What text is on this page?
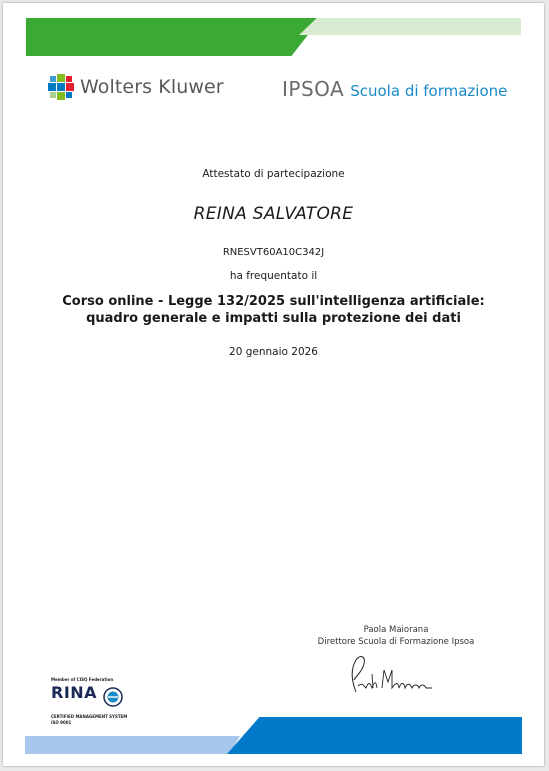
Wolters Kluwer	IPSOA Scuola di formazione
Attestato di partecipazione
REINA SALVATORE
RNESVT60A10C342J
ha frequentato il
Corso online - Legge 132/2025 sull'intelligenza artificiale: quadro generale e impatti sulla protezione dei dati
20 gennaio 2026
Paola Maiorana
Direttore Scuola di Formazione Ipsoa
Member of CISQ Federation
RINA
CERTIFIED MANAGEMENT SYSTEM
ISO 9001
